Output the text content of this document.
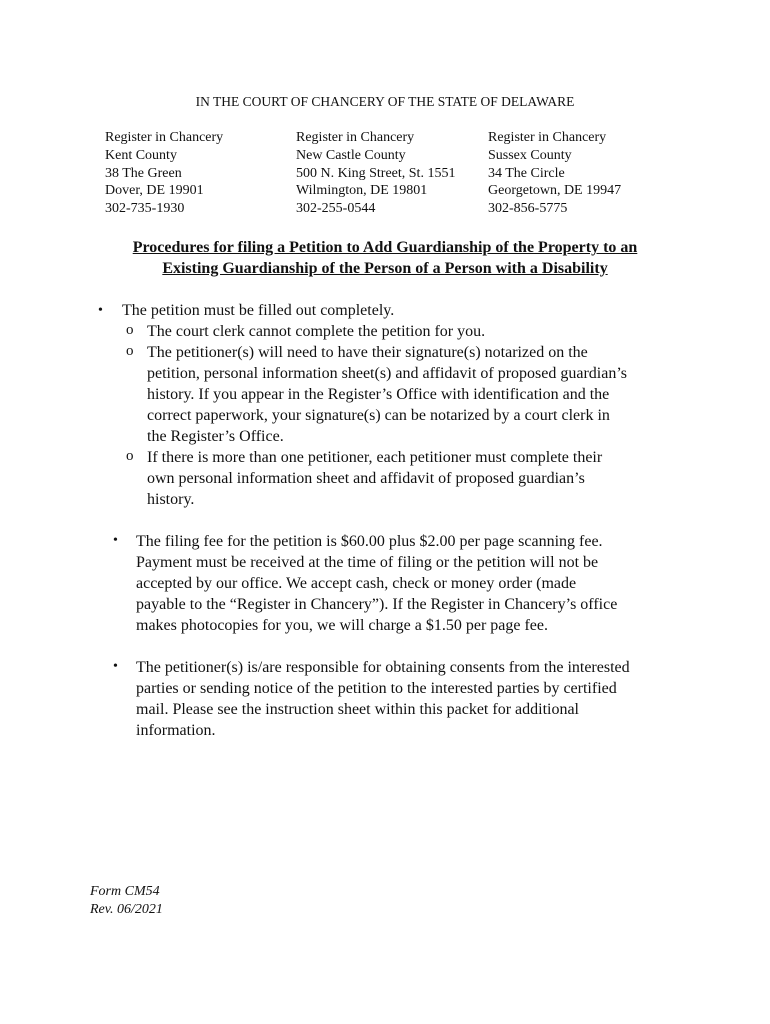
IN THE COURT OF CHANCERY OF THE STATE OF DELAWARE
Register in Chancery
Kent County
38 The Green
Dover, DE 19901
302-735-1930
Register in Chancery
New Castle County
500 N. King Street, St. 1551
Wilmington, DE 19801
302-255-0544
Register in Chancery
Sussex County
34 The Circle
Georgetown, DE 19947
302-856-5775
Procedures for filing a Petition to Add Guardianship of the Property to an
Existing Guardianship of the Person of a Person with a Disability
• The petition must be filled out completely.
o The court clerk cannot complete the petition for you.
o The petitioner(s) will need to have their signature(s) notarized on the
petition, personal information sheet(s) and affidavit of proposed guardian’s
history. If you appear in the Register’s Office with identification and the
correct paperwork, your signature(s) can be notarized by a court clerk in
the Register’s Office.
o If there is more than one petitioner, each petitioner must complete their
own personal information sheet and affidavit of proposed guardian’s
history.
• The filing fee for the petition is $60.00 plus $2.00 per page scanning fee.
Payment must be received at the time of filing or the petition will not be
accepted by our office. We accept cash, check or money order (made
payable to the “Register in Chancery”). If the Register in Chancery’s office
makes photocopies for you, we will charge a $1.50 per page fee.
• The petitioner(s) is/are responsible for obtaining consents from the interested
parties or sending notice of the petition to the interested parties by certified
mail. Please see the instruction sheet within this packet for additional
information.
Form CM54
Rev. 06/2021
